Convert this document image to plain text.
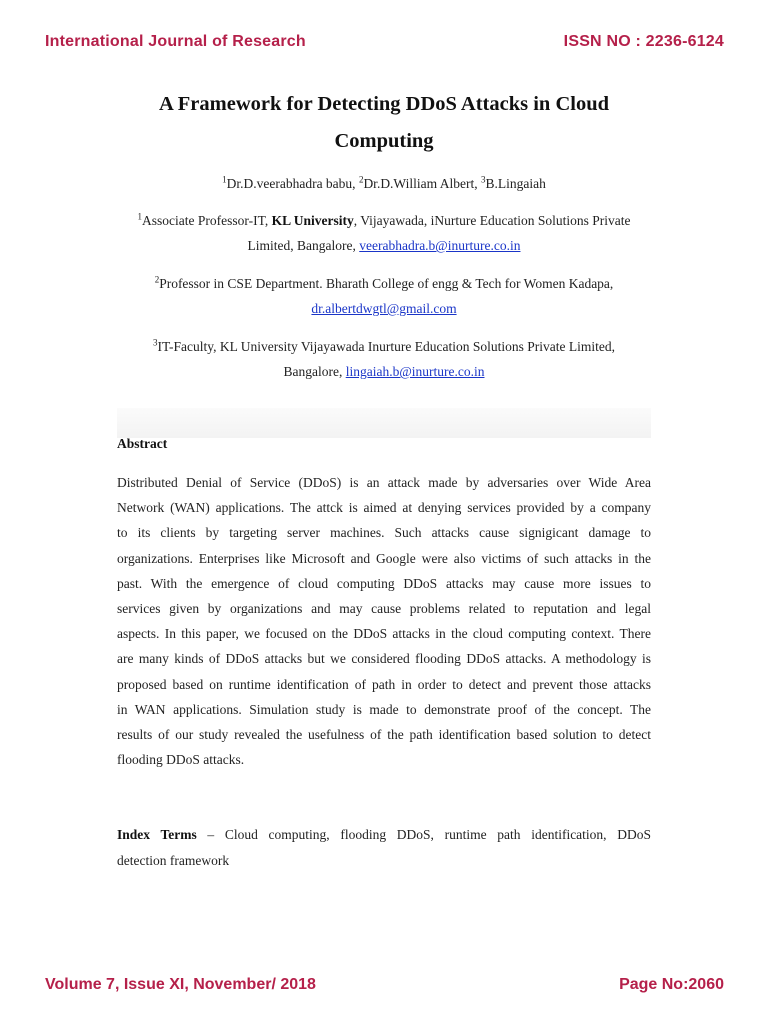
International Journal of Research	ISSN NO : 2236-6124
A Framework for Detecting DDoS Attacks in Cloud
Computing
$^1$Dr.D.veerabhadra babu, $^2$Dr.D.William Albert, $^3$B.Lingaiah
$^1$Associate Professor-IT, KL University, Vijayawada, iNurture Education Solutions Private
Limited, Bangalore, veerabhadra.b@inurture.co.in
$^2$Professor in CSE Department. Bharath College of engg & Tech for Women Kadapa,
dr.albertdwgtl@gmail.com
$^3$IT-Faculty, KL University Vijayawada Inurture Education Solutions Private Limited,
Bangalore, lingaiah.b@inurture.co.in
Abstract
Distributed Denial of Service (DDoS) is an attack made by adversaries over Wide Area
Network (WAN) applications. The attck is aimed at denying services provided by a company
to its clients by targeting server machines. Such attacks cause signigicant damage to
organizations. Enterprises like Microsoft and Google were also victims of such attacks in the
past. With the emergence of cloud computing DDoS attacks may cause more issues to
services given by organizations and may cause problems related to reputation and legal
aspects. In this paper, we focused on the DDoS attacks in the cloud computing context. There
are many kinds of DDoS attacks but we considered flooding DDoS attacks. A methodology is
proposed based on runtime identification of path in order to detect and prevent those attacks
in WAN applications. Simulation study is made to demonstrate proof of the concept. The
results of our study revealed the usefulness of the path identification based solution to detect
flooding DDoS attacks.
Index Terms – Cloud computing, flooding DDoS, runtime path identification, DDoS
detection framework
Volume 7, Issue XI, November/ 2018	Page No:2060
